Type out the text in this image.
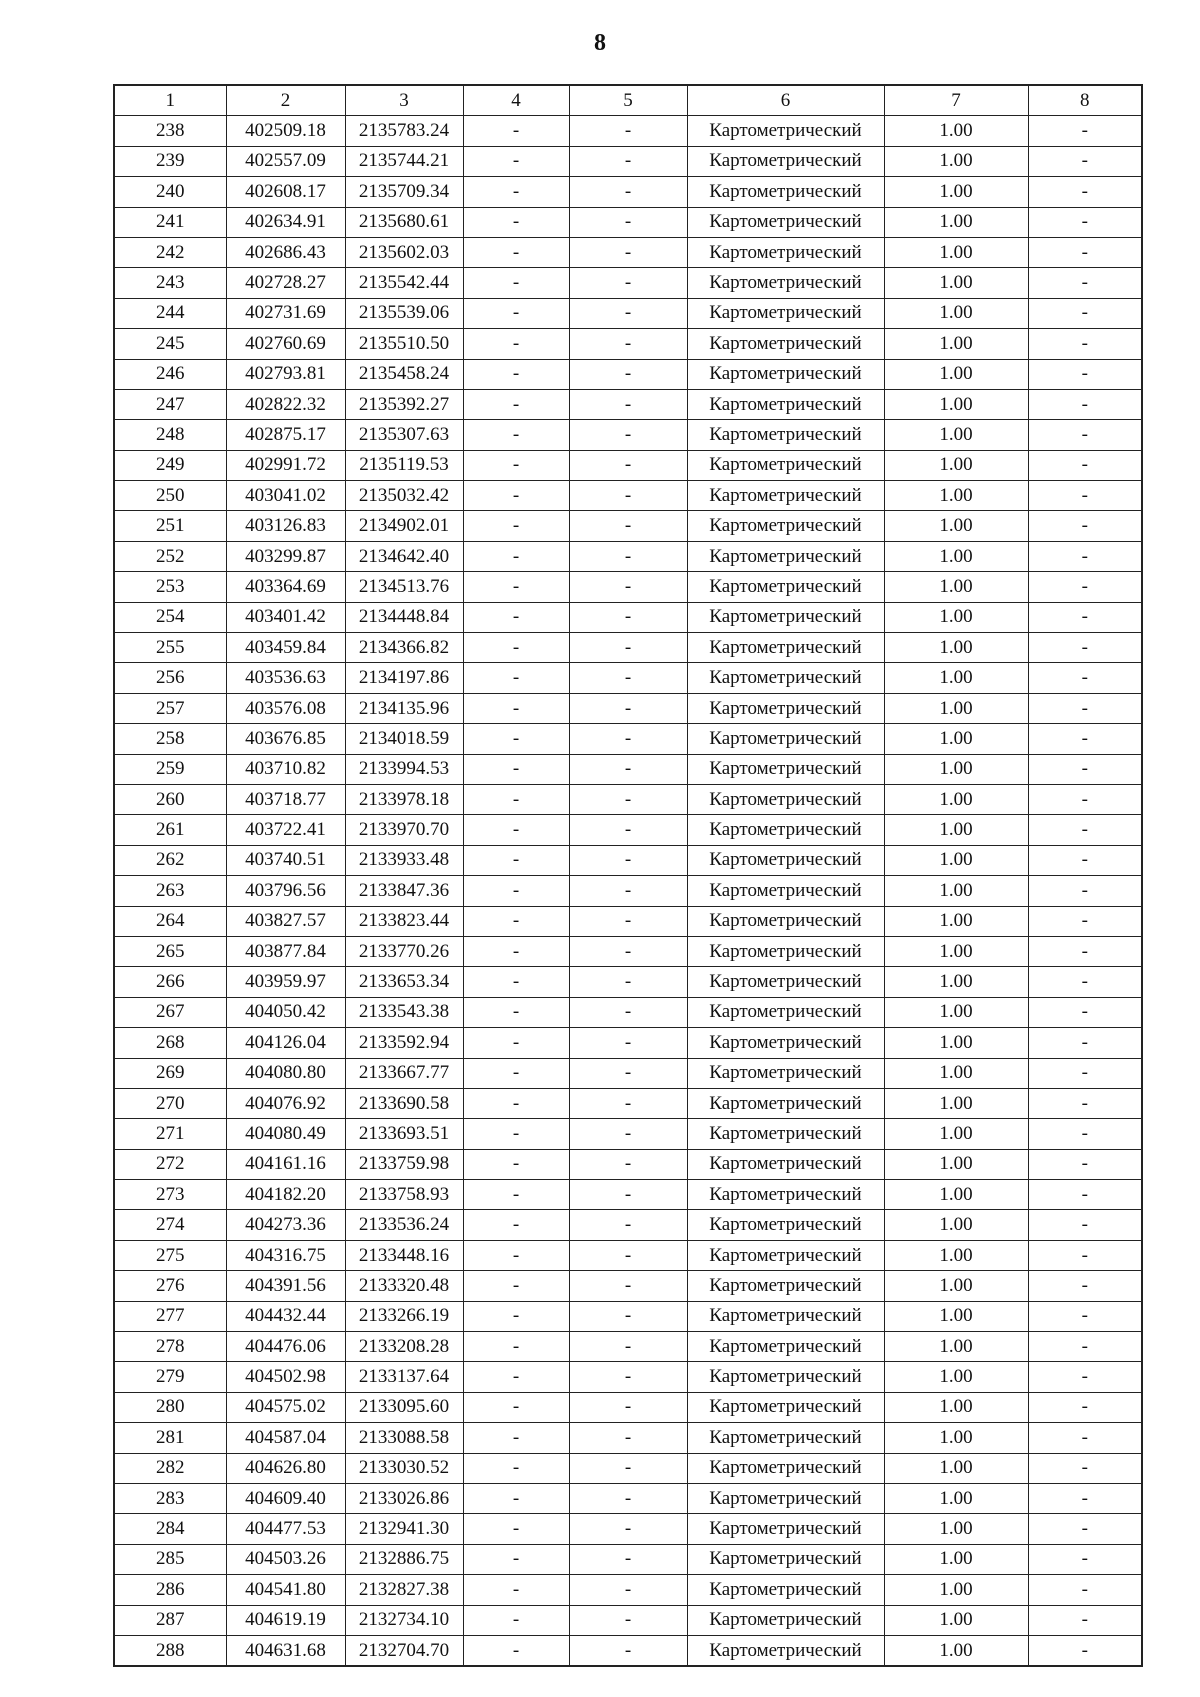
8
1	2	3	4	5	6	7	8
238	402509.18	2135783.24	-	-	Картометрический	1.00	-
239	402557.09	2135744.21	-	-	Картометрический	1.00	-
240	402608.17	2135709.34	-	-	Картометрический	1.00	-
241	402634.91	2135680.61	-	-	Картометрический	1.00	-
242	402686.43	2135602.03	-	-	Картометрический	1.00	-
243	402728.27	2135542.44	-	-	Картометрический	1.00	-
244	402731.69	2135539.06	-	-	Картометрический	1.00	-
245	402760.69	2135510.50	-	-	Картометрический	1.00	-
246	402793.81	2135458.24	-	-	Картометрический	1.00	-
247	402822.32	2135392.27	-	-	Картометрический	1.00	-
248	402875.17	2135307.63	-	-	Картометрический	1.00	-
249	402991.72	2135119.53	-	-	Картометрический	1.00	-
250	403041.02	2135032.42	-	-	Картометрический	1.00	-
251	403126.83	2134902.01	-	-	Картометрический	1.00	-
252	403299.87	2134642.40	-	-	Картометрический	1.00	-
253	403364.69	2134513.76	-	-	Картометрический	1.00	-
254	403401.42	2134448.84	-	-	Картометрический	1.00	-
255	403459.84	2134366.82	-	-	Картометрический	1.00	-
256	403536.63	2134197.86	-	-	Картометрический	1.00	-
257	403576.08	2134135.96	-	-	Картометрический	1.00	-
258	403676.85	2134018.59	-	-	Картометрический	1.00	-
259	403710.82	2133994.53	-	-	Картометрический	1.00	-
260	403718.77	2133978.18	-	-	Картометрический	1.00	-
261	403722.41	2133970.70	-	-	Картометрический	1.00	-
262	403740.51	2133933.48	-	-	Картометрический	1.00	-
263	403796.56	2133847.36	-	-	Картометрический	1.00	-
264	403827.57	2133823.44	-	-	Картометрический	1.00	-
265	403877.84	2133770.26	-	-	Картометрический	1.00	-
266	403959.97	2133653.34	-	-	Картометрический	1.00	-
267	404050.42	2133543.38	-	-	Картометрический	1.00	-
268	404126.04	2133592.94	-	-	Картометрический	1.00	-
269	404080.80	2133667.77	-	-	Картометрический	1.00	-
270	404076.92	2133690.58	-	-	Картометрический	1.00	-
271	404080.49	2133693.51	-	-	Картометрический	1.00	-
272	404161.16	2133759.98	-	-	Картометрический	1.00	-
273	404182.20	2133758.93	-	-	Картометрический	1.00	-
274	404273.36	2133536.24	-	-	Картометрический	1.00	-
275	404316.75	2133448.16	-	-	Картометрический	1.00	-
276	404391.56	2133320.48	-	-	Картометрический	1.00	-
277	404432.44	2133266.19	-	-	Картометрический	1.00	-
278	404476.06	2133208.28	-	-	Картометрический	1.00	-
279	404502.98	2133137.64	-	-	Картометрический	1.00	-
280	404575.02	2133095.60	-	-	Картометрический	1.00	-
281	404587.04	2133088.58	-	-	Картометрический	1.00	-
282	404626.80	2133030.52	-	-	Картометрический	1.00	-
283	404609.40	2133026.86	-	-	Картометрический	1.00	-
284	404477.53	2132941.30	-	-	Картометрический	1.00	-
285	404503.26	2132886.75	-	-	Картометрический	1.00	-
286	404541.80	2132827.38	-	-	Картометрический	1.00	-
287	404619.19	2132734.10	-	-	Картометрический	1.00	-
288	404631.68	2132704.70	-	-	Картометрический	1.00	-
